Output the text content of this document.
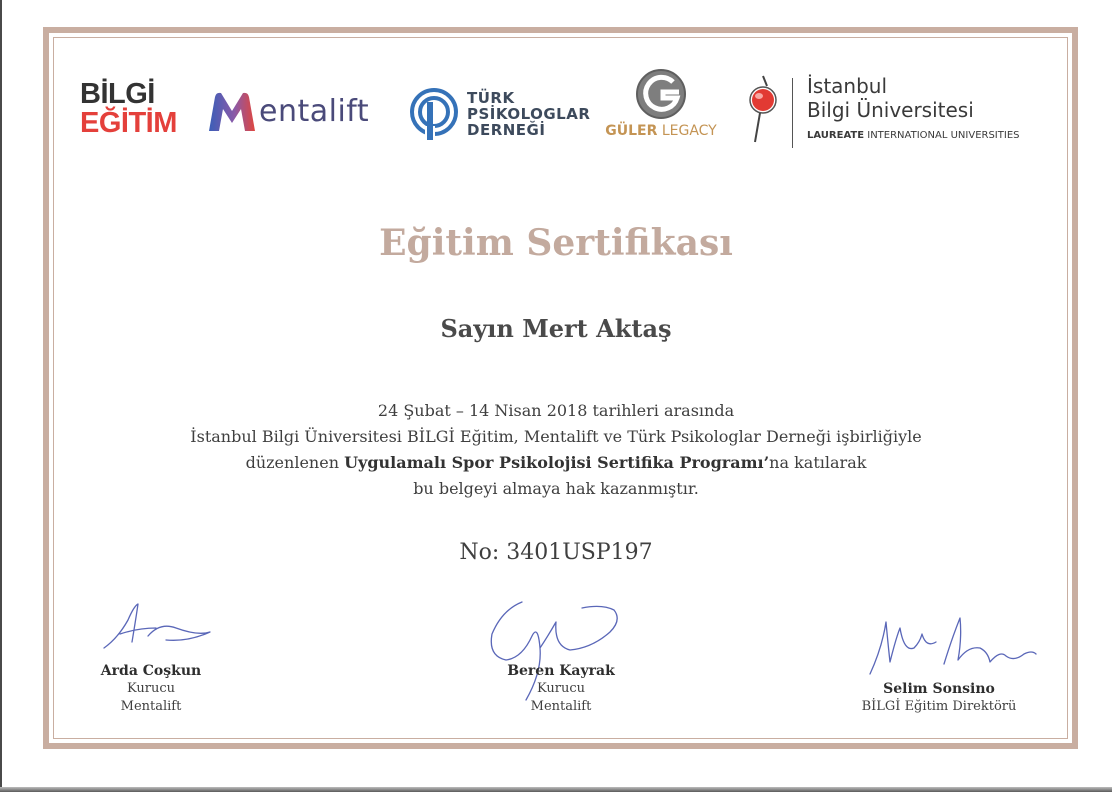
BİLGİ
EĞİTİM	entalift	TÜRK
PSİKOLOGLAR
DERNEĞİ	GÜLER LEGACY
İstanbul
Bilgi Üniversitesi
LAUREATE INTERNATIONAL UNIVERSITIES
Eğitim Sertifikası
Sayın Mert Aktaş
24 Şubat – 14 Nisan 2018 tarihleri arasında
İstanbul Bilgi Üniversitesi BİLGİ Eğitim, Mentalift ve Türk Psikologlar Derneği işbirliğiyle
düzenlenen Uygulamalı Spor Psikolojisi Sertifika Programı’na katılarak
bu belgeyi almaya hak kazanmıştır.
No: 3401USP197
Arda Coşkun
Kurucu
Mentalift
Beren Kayrak
Kurucu
Mentalift
Selim Sonsino
BİLGİ Eğitim Direktörü
